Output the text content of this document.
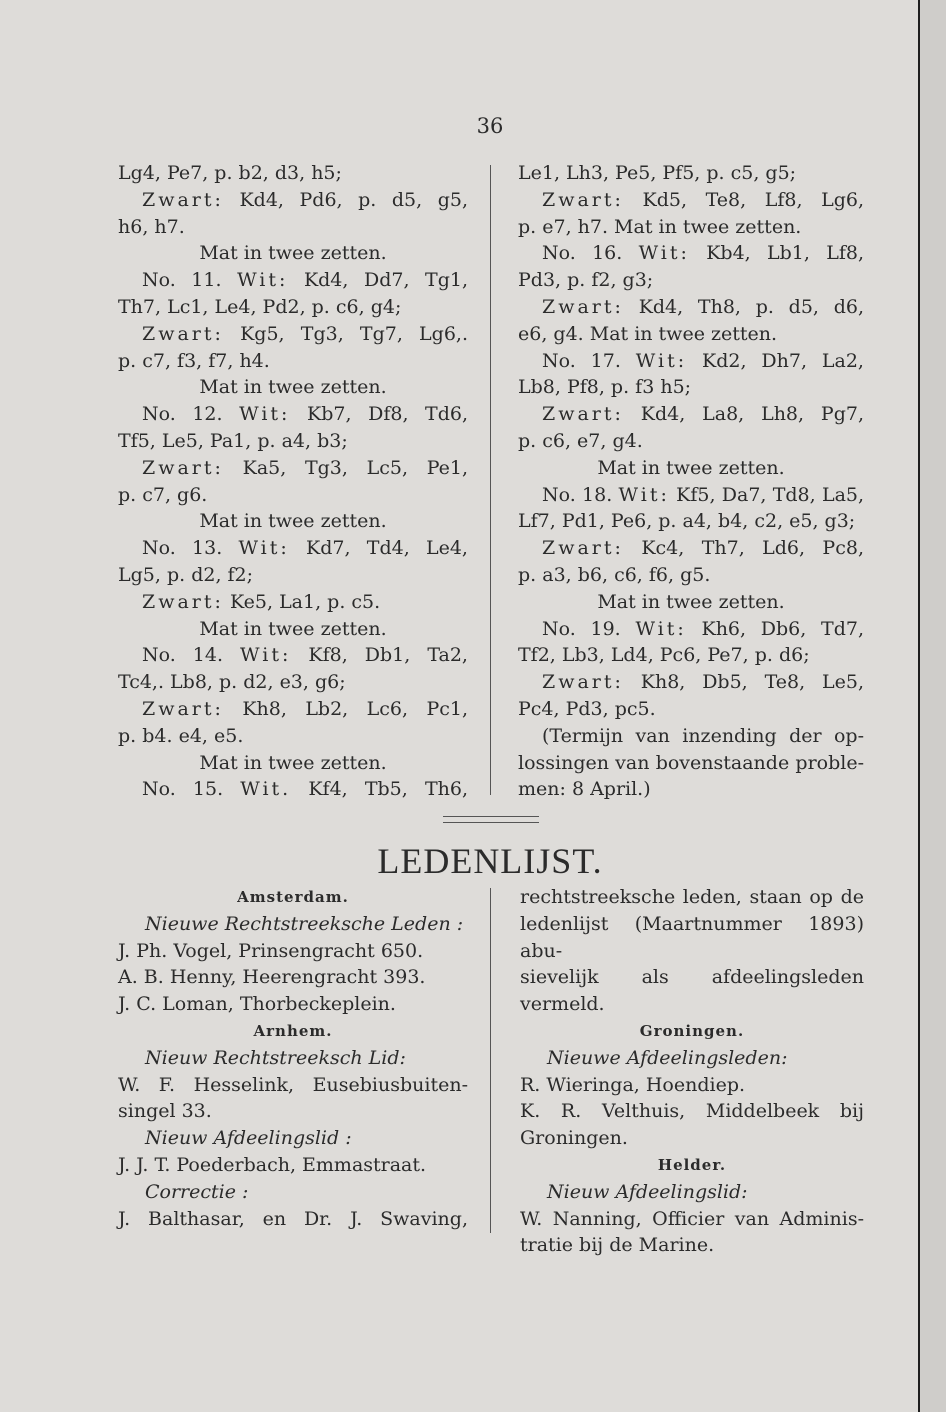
36

Lg4, Pe7, p. b2, d3, h5;

Zwart: Kd4, Pd6, p. d5, g5,

h6, h7.

Mat in twee zetten.

No. 11. Wit: Kd4, Dd7, Tg1,

Th7, Lc1, Le4, Pd2, p. c6, g4;

Zwart: Kg5, Tg3, Tg7, Lg6,.

p. c7, f3, f7, h4.

Mat in twee zetten.

No. 12. Wit: Kb7, Df8, Td6,

Tf5, Le5, Pa1, p. a4, b3;

Zwart: Ka5, Tg3, Lc5, Pe1,

p. c7, g6.

Mat in twee zetten.

No. 13. Wit: Kd7, Td4, Le4,

Lg5, p. d2, f2;

Zwart: Ke5, La1, p. c5.

Mat in twee zetten.

No. 14. Wit: Kf8, Db1, Ta2,

Tc4,. Lb8, p. d2, e3, g6;

Zwart: Kh8, Lb2, Lc6, Pc1,

p. b4. e4, e5.

Mat in twee zetten.

No. 15. Wit. Kf4, Tb5, Th6,

Le1, Lh3, Pe5, Pf5, p. c5, g5;

Zwart: Kd5, Te8, Lf8, Lg6,

p. e7, h7. Mat in twee zetten.

No. 16. Wit: Kb4, Lb1, Lf8,

Pd3, p. f2, g3;

Zwart: Kd4, Th8, p. d5, d6,

e6, g4. Mat in twee zetten.

No. 17. Wit: Kd2, Dh7, La2,

Lb8, Pf8, p. f3 h5;

Zwart: Kd4, La8, Lh8, Pg7,

p. c6, e7, g4.

Mat in twee zetten.

No. 18. Wit: Kf5, Da7, Td8, La5,

Lf7, Pd1, Pe6, p. a4, b4, c2, e5, g3;

Zwart: Kc4, Th7, Ld6, Pc8,

p. a3, b6, c6, f6, g5.

Mat in twee zetten.

No. 19. Wit: Kh6, Db6, Td7,

Tf2, Lb3, Ld4, Pc6, Pe7, p. d6;

Zwart: Kh8, Db5, Te8, Le5,

Pc4, Pd3, pc5.

(Termijn van inzending der op-

lossingen van bovenstaande proble-

men: 8 April.)

LEDENLIJST.

Amsterdam.

Nieuwe Rechtstreeksche Leden :

J. Ph. Vogel, Prinsengracht 650.

A. B. Henny, Heerengracht 393.

J. C. Loman, Thorbeckeplein.

Arnhem.

Nieuw Rechtstreeksch Lid:

W. F. Hesselink, Eusebiusbuiten-

singel 33.

Nieuw Afdeelingslid :

J. J. T. Poederbach, Emmastraat.

Correctie :

J. Balthasar, en Dr. J. Swaving,

rechtstreeksche leden, staan op de

ledenlijst (Maartnummer 1893) abu-

sievelijk als afdeelingsleden vermeld.

Groningen.

Nieuwe Afdeelingsleden:

R. Wieringa, Hoendiep.

K. R. Velthuis, Middelbeek bij

Groningen.

Helder.

Nieuw Afdeelingslid:

W. Nanning, Officier van Adminis-

tratie bij de Marine.
